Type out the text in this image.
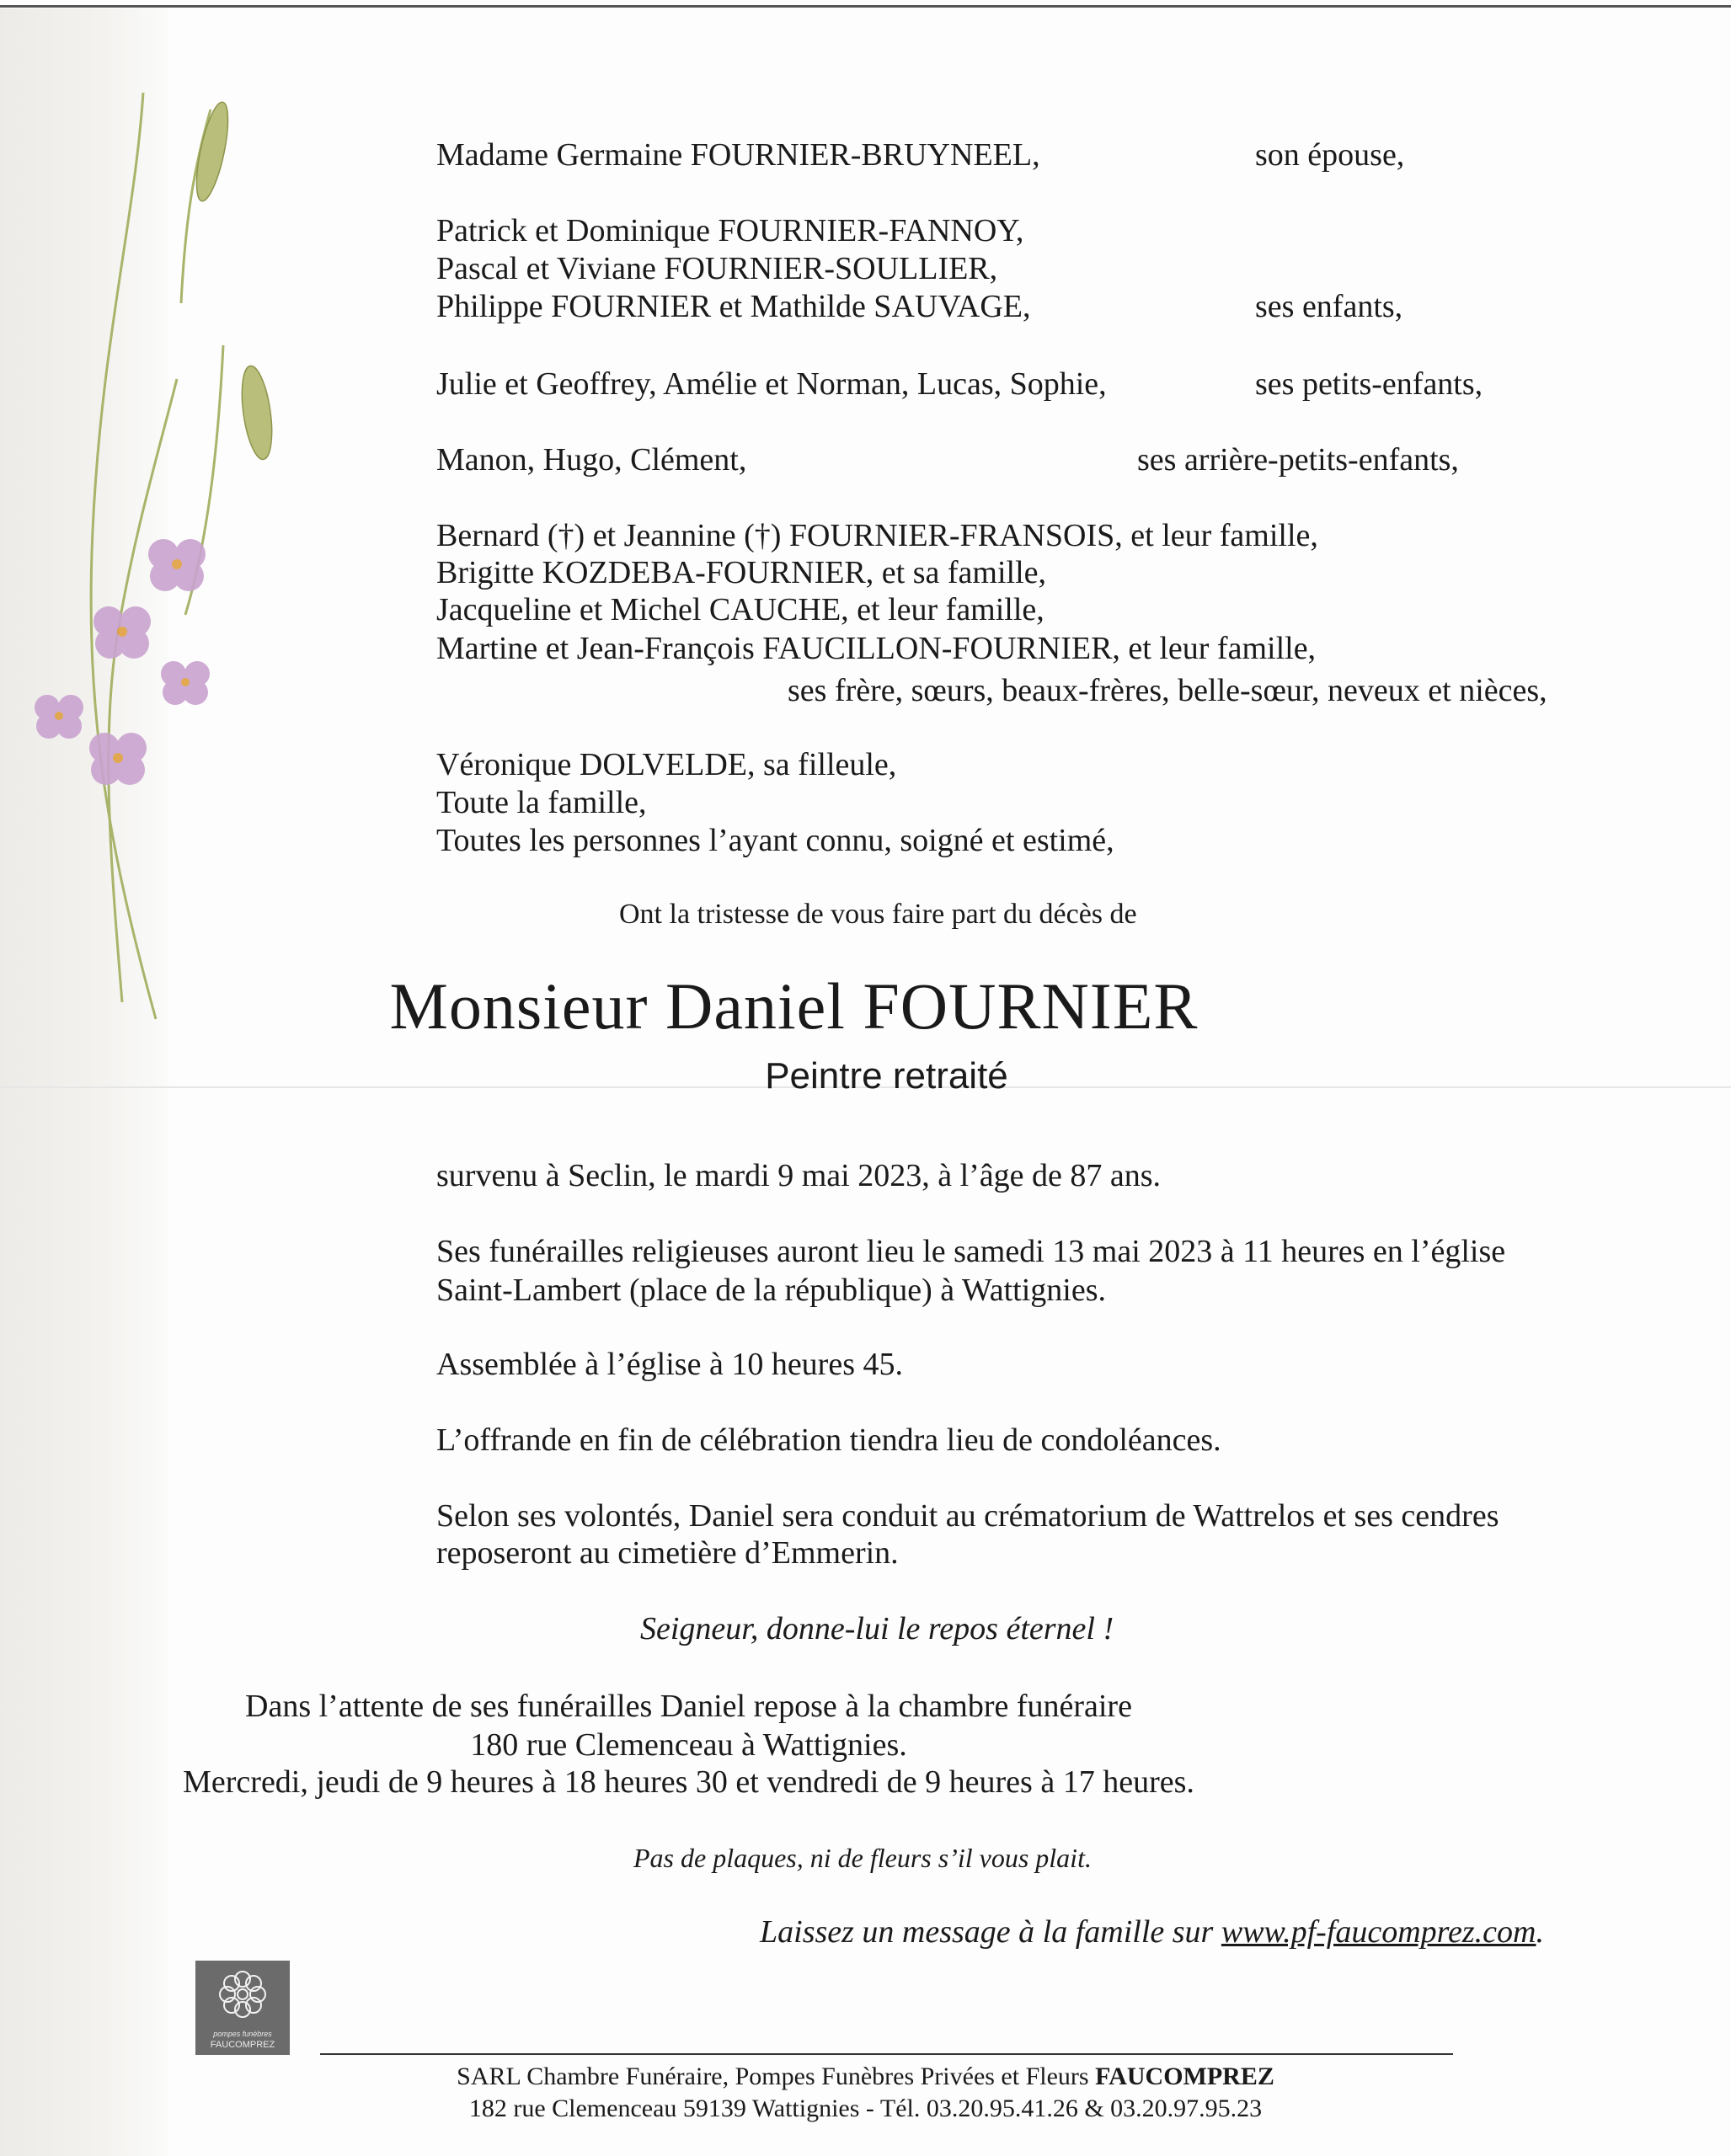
Madame Germaine FOURNIER-BRUYNEEL,	son épouse,
Patrick et Dominique FOURNIER-FANNOY,
Pascal et Viviane FOURNIER-SOULLIER,
Philippe FOURNIER et Mathilde SAUVAGE,	ses enfants,
Julie et Geoffrey, Amélie et Norman, Lucas, Sophie,	ses petits-enfants,
Manon, Hugo, Clément,	ses arrière-petits-enfants,
Bernard (†) et Jeannine (†) FOURNIER-FRANSOIS, et leur famille,
Brigitte KOZDEBA-FOURNIER, et sa famille,
Jacqueline et Michel CAUCHE, et leur famille,
Martine et Jean-François FAUCILLON-FOURNIER, et leur famille,
ses frère, sœurs, beaux-frères, belle-sœur, neveux et nièces,
Véronique DOLVELDE, sa filleule,
Toute la famille,
Toutes les personnes l’ayant connu, soigné et estimé,
Ont la tristesse de vous faire part du décès de
Monsieur Daniel FOURNIER
Peintre retraité
survenu à Seclin, le mardi 9 mai 2023, à l’âge de 87 ans.
Ses funérailles religieuses auront lieu le samedi 13 mai 2023 à 11 heures en l’église
Saint-Lambert (place de la république) à Wattignies.
Assemblée à l’église à 10 heures 45.
L’offrande en fin de célébration tiendra lieu de condoléances.
Selon ses volontés, Daniel sera conduit au crématorium de Wattrelos et ses cendres
reposeront au cimetière d’Emmerin.
Seigneur, donne-lui le repos éternel !
Dans l’attente de ses funérailles Daniel repose à la chambre funéraire
180 rue Clemenceau à Wattignies.
Mercredi, jeudi de 9 heures à 18 heures 30 et vendredi de 9 heures à 17 heures.
Pas de plaques, ni de fleurs s’il vous plait.
Laissez un message à la famille sur www.pf-faucomprez.com.
pompes funèbres
FAUCOMPREZ
SARL Chambre Funéraire, Pompes Funèbres Privées et Fleurs FAUCOMPREZ
182 rue Clemenceau 59139 Wattignies - Tél. 03.20.95.41.26 & 03.20.97.95.23
